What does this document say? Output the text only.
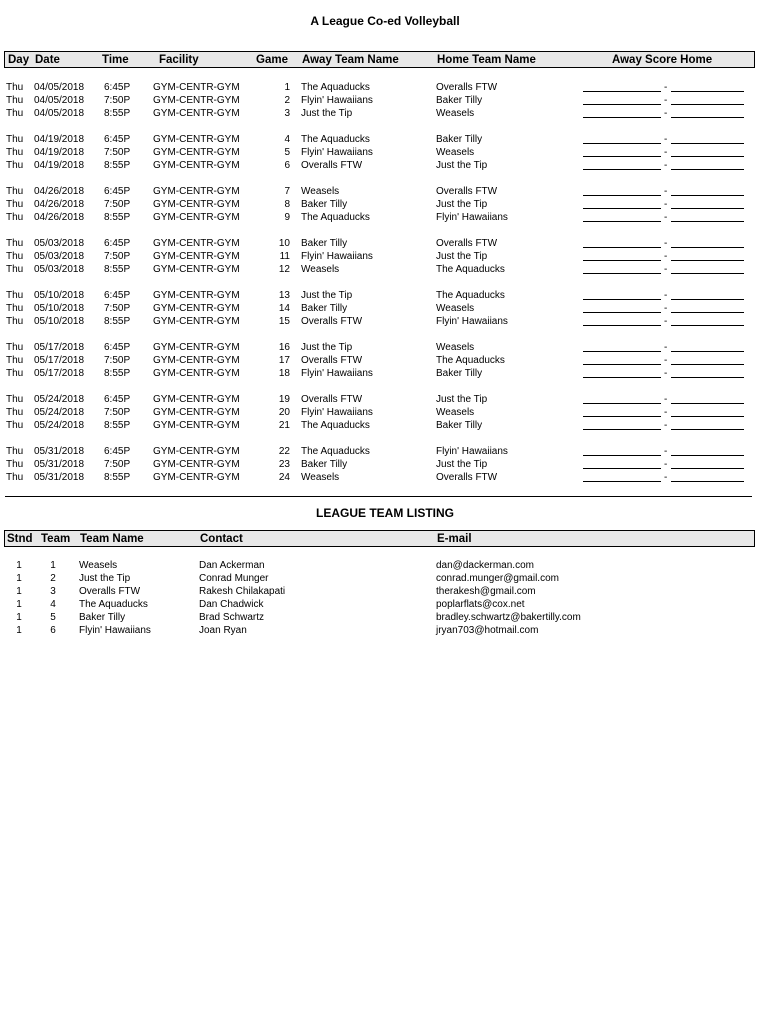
A League Co-ed Volleyball
Day Date	Time	Facility	Game Away Team Name	Home Team Name	Away Score Home
Thu 04/05/2018 6:45P GYM-CENTR-GYM	1 The Aquaducks	Overalls FTW	-
Thu 04/05/2018 7:50P GYM-CENTR-GYM	2 Flyin' Hawaiians	Baker Tilly	-
Thu 04/05/2018 8:55P GYM-CENTR-GYM	3 Just the Tip	Weasels	-
Thu 04/19/2018 6:45P GYM-CENTR-GYM	4 The Aquaducks	Baker Tilly	-
Thu 04/19/2018 7:50P GYM-CENTR-GYM	5 Flyin' Hawaiians	Weasels	-
Thu 04/19/2018 8:55P GYM-CENTR-GYM	6 Overalls FTW	Just the Tip	-
Thu 04/26/2018 6:45P GYM-CENTR-GYM	7 Weasels	Overalls FTW	-
Thu 04/26/2018 7:50P GYM-CENTR-GYM	8 Baker Tilly	Just the Tip	-
Thu 04/26/2018 8:55P GYM-CENTR-GYM	9 The Aquaducks	Flyin' Hawaiians	-
Thu 05/03/2018 6:45P GYM-CENTR-GYM	10 Baker Tilly	Overalls FTW	-
Thu 05/03/2018 7:50P GYM-CENTR-GYM	11 Flyin' Hawaiians	Just the Tip	-
Thu 05/03/2018 8:55P GYM-CENTR-GYM	12 Weasels	The Aquaducks	-
Thu 05/10/2018 6:45P GYM-CENTR-GYM	13 Just the Tip	The Aquaducks	-
Thu 05/10/2018 7:50P GYM-CENTR-GYM	14 Baker Tilly	Weasels	-
Thu 05/10/2018 8:55P GYM-CENTR-GYM	15 Overalls FTW	Flyin' Hawaiians	-
Thu 05/17/2018 6:45P GYM-CENTR-GYM	16 Just the Tip	Weasels	-
Thu 05/17/2018 7:50P GYM-CENTR-GYM	17 Overalls FTW	The Aquaducks	-
Thu 05/17/2018 8:55P GYM-CENTR-GYM	18 Flyin' Hawaiians	Baker Tilly	-
Thu 05/24/2018 6:45P GYM-CENTR-GYM	19 Overalls FTW	Just the Tip	-
Thu 05/24/2018 7:50P GYM-CENTR-GYM	20 Flyin' Hawaiians	Weasels	-
Thu 05/24/2018 8:55P GYM-CENTR-GYM	21 The Aquaducks	Baker Tilly	-
Thu 05/31/2018 6:45P GYM-CENTR-GYM	22 The Aquaducks	Flyin' Hawaiians	-
Thu 05/31/2018 7:50P GYM-CENTR-GYM	23 Baker Tilly	Just the Tip	-
Thu 05/31/2018 8:55P GYM-CENTR-GYM	24 Weasels	Overalls FTW	-
LEAGUE TEAM LISTING
Stnd Team Team Name	Contact	E-mail
1	1	Weasels	Dan Ackerman	dan@dackerman.com
1	2	Just the Tip	Conrad Munger	conrad.munger@gmail.com
1	3	Overalls FTW	Rakesh Chilakapati	therakesh@gmail.com
1	4	The Aquaducks	Dan Chadwick	poplarflats@cox.net
1	5	Baker Tilly	Brad Schwartz	bradley.schwartz@bakertilly.com
1	6	Flyin' Hawaiians	Joan Ryan	jryan703@hotmail.com
